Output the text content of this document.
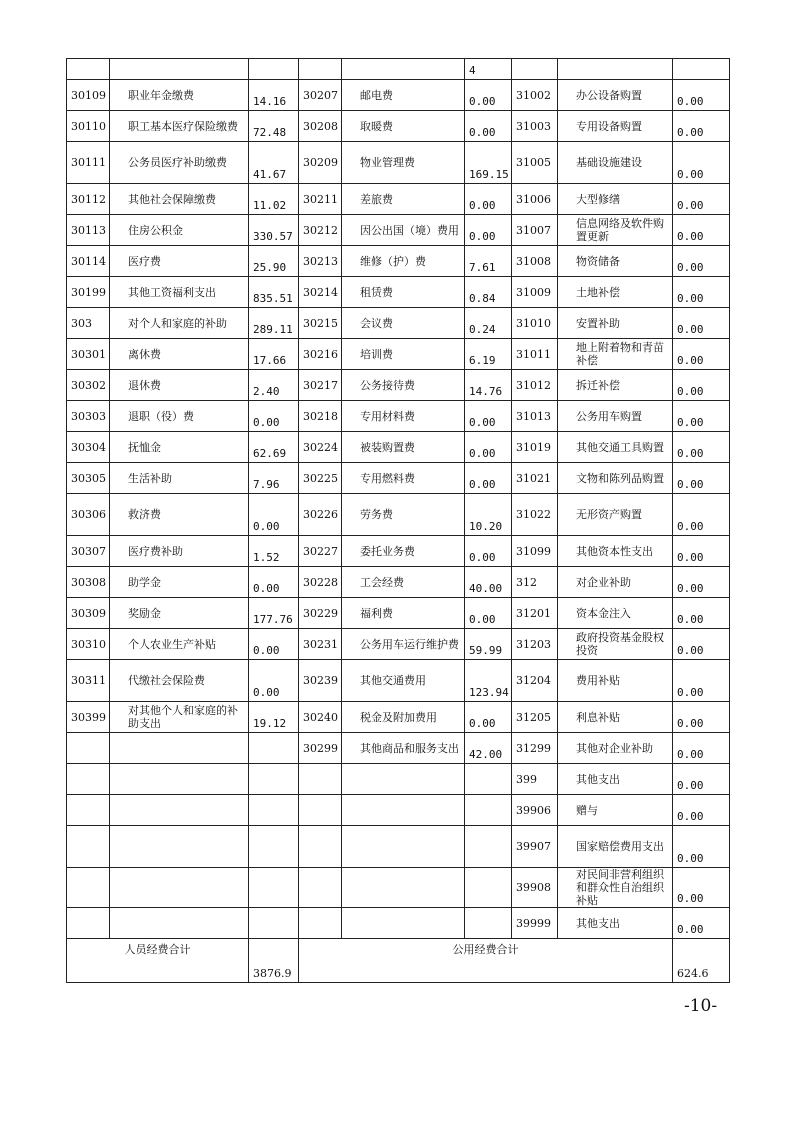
					4			
30109	职业年金缴费	14.16	30207	邮电费	0.00	31002	办公设备购置	0.00
30110	职工基本医疗保险缴费	72.48	30208	取暖费	0.00	31003	专用设备购置	0.00
30111	公务员医疗补助缴费	41.67	30209	物业管理费	169.15	31005	基础设施建设	0.00
30112	其他社会保障缴费	11.02	30211	差旅费	0.00	31006	大型修缮	0.00
30113	住房公积金	330.57	30212	因公出国（境）费用	0.00	31007	信息网络及软件购置更新	0.00
30114	医疗费	25.90	30213	维修（护）费	7.61	31008	物资储备	0.00
30199	其他工资福利支出	835.51	30214	租赁费	0.84	31009	土地补偿	0.00
303	对个人和家庭的补助	289.11	30215	会议费	0.24	31010	安置补助	0.00
30301	离休费	17.66	30216	培训费	6.19	31011	地上附着物和青苗补偿	0.00
30302	退休费	2.40	30217	公务接待费	14.76	31012	拆迁补偿	0.00
30303	退职（役）费	0.00	30218	专用材料费	0.00	31013	公务用车购置	0.00
30304	抚恤金	62.69	30224	被装购置费	0.00	31019	其他交通工具购置	0.00
30305	生活补助	7.96	30225	专用燃料费	0.00	31021	文物和陈列品购置	0.00
30306	救济费	0.00	30226	劳务费	10.20	31022	无形资产购置	0.00
30307	医疗费补助	1.52	30227	委托业务费	0.00	31099	其他资本性支出	0.00
30308	助学金	0.00	30228	工会经费	40.00	312	对企业补助	0.00
30309	奖励金	177.76	30229	福利费	0.00	31201	资本金注入	0.00
30310	个人农业生产补贴	0.00	30231	公务用车运行维护费	59.99	31203	政府投资基金股权投资	0.00
30311	代缴社会保险费	0.00	30239	其他交通费用	123.94	31204	费用补贴	0.00
30399	对其他个人和家庭的补助支出	19.12	30240	税金及附加费用	0.00	31205	利息补贴	0.00
			30299	其他商品和服务支出	42.00	31299	其他对企业补助	0.00
						399	其他支出	0.00
						39906	赠与	0.00
						39907	国家赔偿费用支出	0.00
						39908	对民间非营利组织和群众性自治组织补贴	0.00
						39999	其他支出	0.00
人员经费合计		3876.9	公用经费合计					624.6
-10-
